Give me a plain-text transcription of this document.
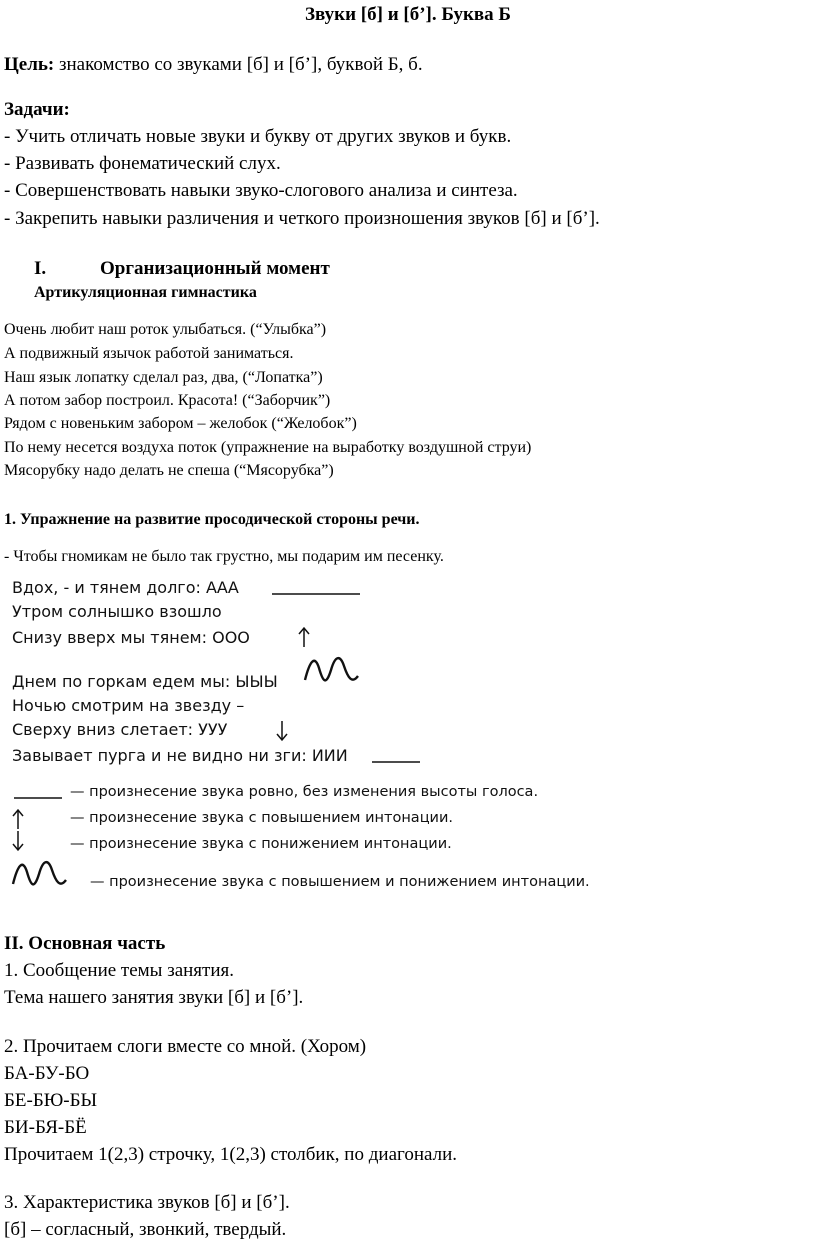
Звуки [б] и [б’]. Буква Б
Цель: знакомство со звуками [б] и [б’], буквой Б, б.
Задачи:
- Учить отличать новые звуки и букву от других звуков и букв.
- Развивать фонематический слух.
- Совершенствовать навыки звуко-слогового анализа и синтеза.
- Закрепить навыки различения и четкого произношения звуков [б] и [б’].
I.	Организационный момент
Артикуляционная гимнастика
Очень любит наш роток улыбаться. (“Улыбка”)
А подвижный язычок работой заниматься.
Наш язык лопатку сделал раз, два, (“Лопатка”)
А потом забор построил. Красота! (“Заборчик”)
Рядом с новеньким забором – желобок (“Желобок”)
По нему несется воздуха поток (упражнение на выработку воздушной струи)
Мясорубку надо делать не спеша (“Мясорубка”)
1. Упражнение на развитие просодической стороны речи.
- Чтобы гномикам не было так грустно, мы подарим им песенку.
Вдох, - и тянем долго: ААА
Утром солнышко взошло
Снизу вверх мы тянем: ООО
Днем по горкам едем мы: ЫЫЫ
Ночью смотрим на звезду –
Сверху вниз слетает: УУУ
Завывает пурга и не видно ни зги: ИИИ
— произнесение звука ровно, без изменения высоты голоса.
— произнесение звука с повышением интонации.
— произнесение звука с понижением интонации.
— произнесение звука с повышением и понижением интонации.
II. Основная часть
1. Сообщение темы занятия.
Тема нашего занятия звуки [б] и [б’].
2. Прочитаем слоги вместе со мной. (Хором)
БА-БУ-БО
БЕ-БЮ-БЫ
БИ-БЯ-БЁ
Прочитаем 1(2,3) строчку, 1(2,3) столбик, по диагонали.
3. Характеристика звуков [б] и [б’].
[б] – согласный, звонкий, твердый.
